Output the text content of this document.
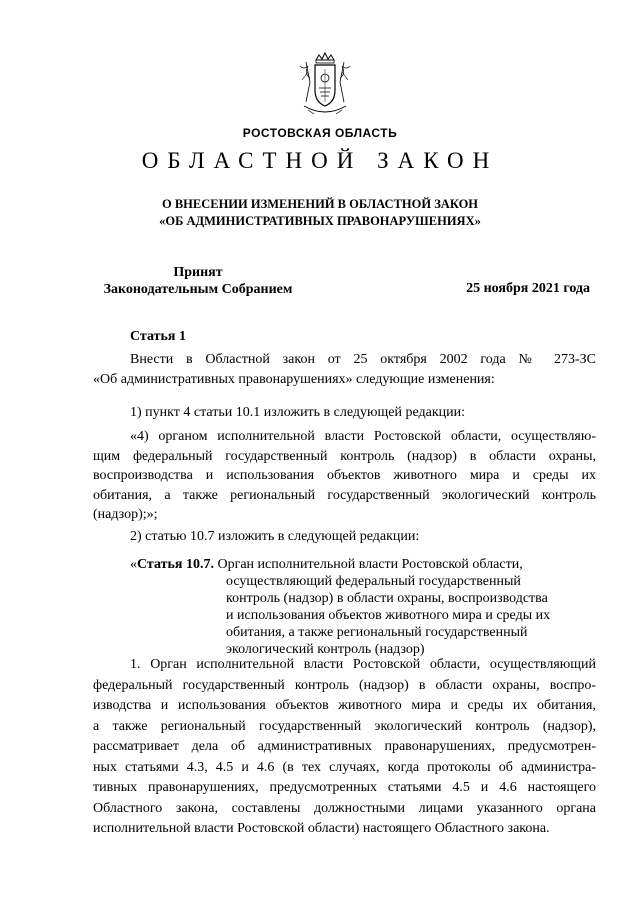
РОСТОВСКАЯ ОБЛАСТЬ
ОБЛАСТНОЙ ЗАКОН
О ВНЕСЕНИИ ИЗМЕНЕНИЙ В ОБЛАСТНОЙ ЗАКОН
«ОБ АДМИНИСТРАТИВНЫХ ПРАВОНАРУШЕНИЯХ»
Принят
Законодательным Собранием	25 ноября 2021 года
Статья 1
Внести в Областной закон от 25 октября 2002 года № 273-ЗС
«Об административных правонарушениях» следующие изменения:
1) пункт 4 статьи 10.1 изложить в следующей редакции:
«4) органом исполнительной власти Ростовской области, осуществляю-
щим федеральный государственный контроль (надзор) в области охраны,
воспроизводства и использования объектов животного мира и среды их
обитания, а также региональный государственный экологический контроль
(надзор);»;
2) статью 10.7 изложить в следующей редакции:
«Статья 10.7. Орган исполнительной власти Ростовской области,
осуществляющий федеральный государственный
контроль (надзор) в области охраны, воспроизводства
и использования объектов животного мира и среды их
обитания, а также региональный государственный
экологический контроль (надзор)
1. Орган исполнительной власти Ростовской области, осуществляющий
федеральный государственный контроль (надзор) в области охраны, воспро-
изводства и использования объектов животного мира и среды их обитания,
а также региональный государственный экологический контроль (надзор),
рассматривает дела об административных правонарушениях, предусмотрен-
ных статьями 4.3, 4.5 и 4.6 (в тех случаях, когда протоколы об администра-
тивных правонарушениях, предусмотренных статьями 4.5 и 4.6 настоящего
Областного закона, составлены должностными лицами указанного органа
исполнительной власти Ростовской области) настоящего Областного закона.
